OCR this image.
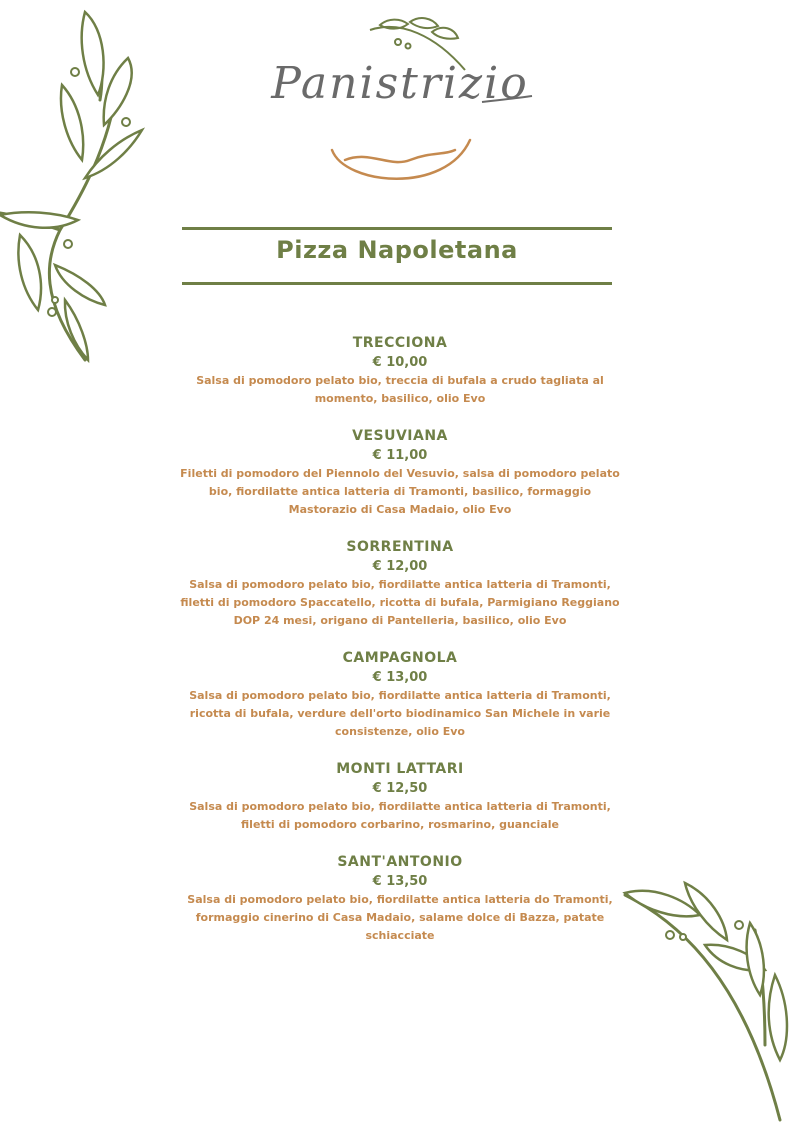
Panistrizio
Pizza Napoletana
TRECCIONA
€ 10,00
Salsa di pomodoro pelato bio, treccia di bufala a crudo tagliata al momento, basilico, olio Evo
VESUVIANA
€ 11,00
Filetti di pomodoro del Piennolo del Vesuvio, salsa di pomodoro pelato bio, fiordilatte antica latteria di Tramonti, basilico, formaggio Mastorazio di Casa Madaio, olio Evo
SORRENTINA
€ 12,00
Salsa di pomodoro pelato bio, fiordilatte antica latteria di Tramonti, filetti di pomodoro Spaccatello, ricotta di bufala, Parmigiano Reggiano DOP 24 mesi, origano di Pantelleria, basilico, olio Evo
CAMPAGNOLA
€ 13,00
Salsa di pomodoro pelato bio, fiordilatte antica latteria di Tramonti, ricotta di bufala, verdure dell'orto biodinamico San Michele in varie consistenze, olio Evo
MONTI LATTARI
€ 12,50
Salsa di pomodoro pelato bio, fiordilatte antica latteria di Tramonti, filetti di pomodoro corbarino, rosmarino, guanciale
SANT'ANTONIO
€ 13,50
Salsa di pomodoro pelato bio, fiordilatte antica latteria do Tramonti, formaggio cinerino di Casa Madaio, salame dolce di Bazza, patate schiacciate
